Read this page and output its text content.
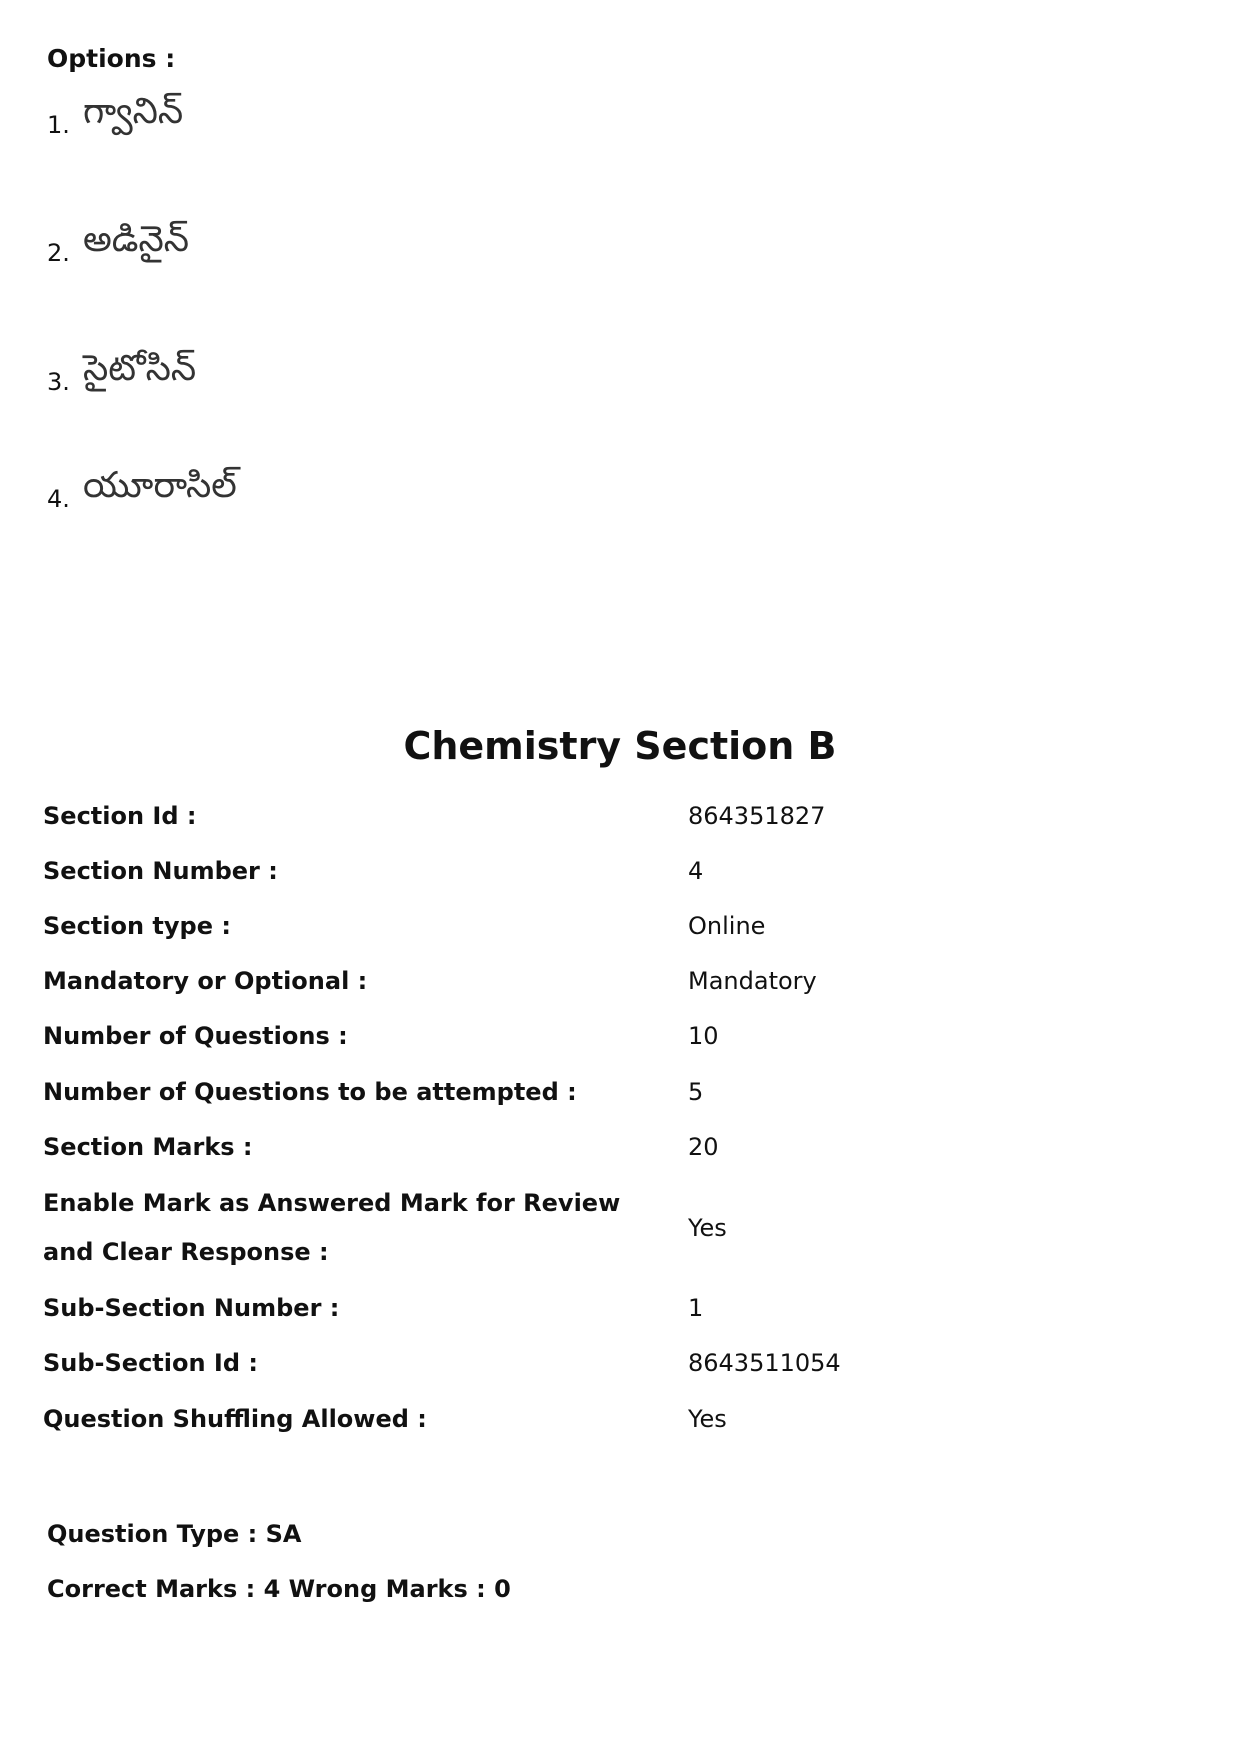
Options :
1. గ్వానిన్
2. అడినైన్
3. సైటోసిన్
4. యూరాసిల్
Chemistry Section B
Section Id :	864351827
Section Number :	4
Section type :	Online
Mandatory or Optional :	Mandatory
Number of Questions :	10
Number of Questions to be attempted :	5
Section Marks :	20
Enable Mark as Answered Mark for Review and Clear Response :
Yes
Sub-Section Number :	1
Sub-Section Id :	8643511054
Question Shuffling Allowed :	Yes
Question Type : SA
Correct Marks : 4 Wrong Marks : 0
